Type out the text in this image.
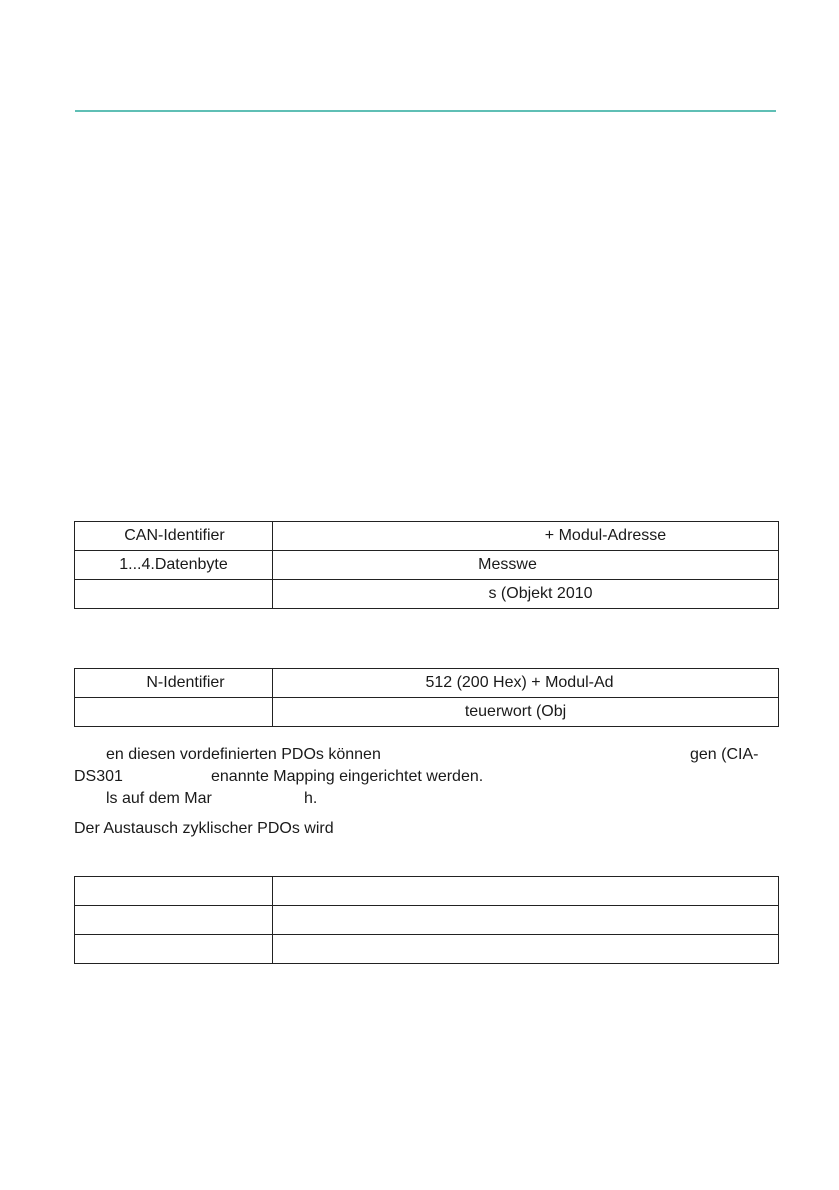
CAN-Identifier	+ Modul-Adresse
1...4.Datenbyte	Messwe
	s (Objekt 2010
N-Identifier	512 (200 Hex) + Modul-Ad
	teuerwort (Obj
en diesen vordefinierten PDOs können	gen (CIA-
DS301	enannte Mapping eingerichtet werden.
ls auf dem Mar	h.
Der Austausch zyklischer PDOs wird
